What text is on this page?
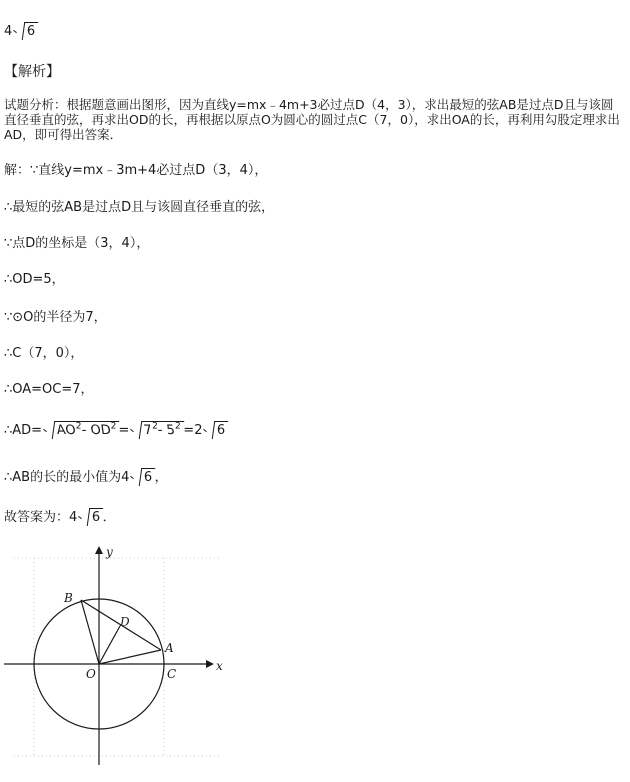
4 6
【解析】
试题分析：根据题意画出图形，因为直线y=mx﹣4m+3必过点D（4，3），求出最短的弦AB是过点D且与该圆直径垂直的弦，再求出OD的长，再根据以原点O为圆心的圆过点C（7，0），求出OA的长，再利用勾股定理求出AD，即可得出答案．
解：∵直线y=mx﹣3m+4必过点D（3，4），
∴最短的弦AB是过点D且与该圆直径垂直的弦，
∵点D的坐标是（3，4），
∴OD=5，
∵⊙O的半径为7，
∴C（7，0），
∴OA=OC=7，
∴AD= $AO^2-$ $OD^2 = 7^2-$ $5^2 =2$ 6
∴AB的长的最小值为4 6 ，
故答案为：4 6 ．
x
y
O
A
B
C
D
